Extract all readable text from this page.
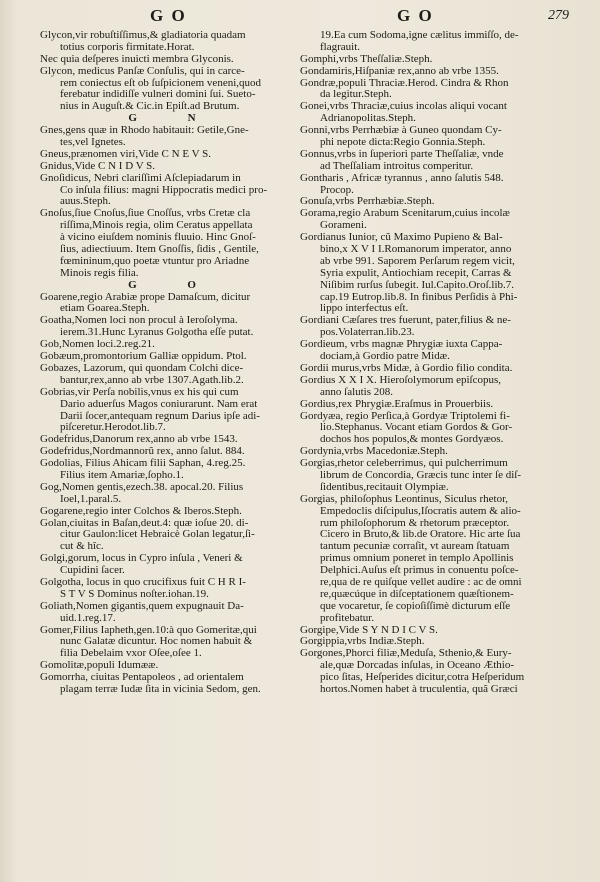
G O	G O	279
Glycon,vir robuſtiſſimus,& gladiatoria quadam
totius corporis firmitate.Horat.
Nec quia deſperes inuicti membra Glyconis.
Glycon, medicus Panſæ Conſulis, qui in carce-
rem coniectus eſt ob ſuſpicionem veneni,quod
ferebatur indidiſſe vulneri domini ſui. Sueto-
nius in Auguſt.& Cic.in Epiſt.ad Brutum.
G N
Gnes,gens quæ in Rhodo habitauit: Getile,Gne-
tes,vel Ignetes.
Gneus,prænomen viri,Vide C N E V S.
Gnidus,Vide C N I D V S.
Gnoſidicus, Nebri clariſſimi Aſclepiadarum in
Co inſula filius: magni Hippocratis medici pro-
auus.Steph.
Gnoſus,ſiue Cnoſus,ſiue Cnoſſus, vrbs Cretæ cla
riſſima,Minois regia, olim Ceratus appellata
à vicino eiuſdem nominis fluuio. Hinc Gnoſ-
ſius, adiectiuum. Item Gnoſſis, ſidis , Gentile,
fœmininum,quo poetæ vtuntur pro Ariadne
Minois regis filia.
G O
Goarene,regio Arabiæ prope Damaſcum, dicitur
etiam Goarea.Steph.
Goatha,Nomen loci non procul à Ieroſolyma.
ierem.31.Hunc Lyranus Golgotha eſſe putat.
Gob,Nomen loci.2.reg.21.
Gobæum,promontorium Galliæ oppidum. Ptol.
Gobazes, Lazorum, qui quondam Colchi dice-
bantur,rex,anno ab vrbe 1307.Agath.lib.2.
Gobrias,vir Perſa nobilis,vnus ex his qui cum
Dario aduerſus Magos coniurarunt. Nam erat
Darii ſocer,antequam regnum Darius ipſe adi-
piſceretur.Herodot.lib.7.
Godefridus,Danorum rex,anno ab vrbe 1543.
Godefridus,Nordmannorũ rex, anno ſalut. 884.
Godolias, Filius Ahicam filii Saphan, 4.reg.25.
Filius item Amariæ,ſopho.1.
Gog,Nomen gentis,ezech.38. apocal.20. Filius
Ioel,1.paral.5.
Gogarene,regio inter Colchos & Iberos.Steph.
Golan,ciuitas in Baſan,deut.4: quæ ioſue 20. di-
citur Gaulon:licet Hebraicè Golan legatur,ſi-
cut & hîc.
Golgi,gorum, locus in Cypro inſula , Veneri &
Cupidini ſacer.
Golgotha, locus in quo crucifixus fuit C H R I-
S T V S Dominus noſter.iohan.19.
Goliath,Nomen gigantis,quem expugnauit Da-
uid.1.reg.17.
Gomer,Filius Iapheth,gen.10:à quo Gomeritæ,qui
nunc Galatæ dicuntur. Hoc nomen habuit &
filia Debelaim vxor Oſee,oſee 1.
Gomolitæ,populi Idumææ.
Gomorrha, ciuitas Pentapoleos , ad orientalem
plagam terræ Iudæ ſita in vicinia Sedom, gen.
19.Ea cum Sodoma,igne cælitus immiſſo, de-
flagrauit.
Gomphi,vrbs Theſſaliæ.Steph.
Gondamiris,Hiſpaniæ rex,anno ab vrbe 1355.
Gondræ,populi Thraciæ.Herod. Cindra & Rhon
da legitur.Steph.
Gonei,vrbs Thraciæ,cuius incolas aliqui vocant
Adrianopolitas.Steph.
Gonni,vrbs Perrhæbiæ à Guneo quondam Cy-
phi nepote dicta:Regio Gonnia.Steph.
Gonnus,vrbs in ſuperiori parte Theſſaliæ, vnde
ad Theſſaliam introitus comperitur.
Gontharis , Africæ tyrannus , anno ſalutis 548.
Procop.
Gonuſa,vrbs Perrhæbiæ.Steph.
Gorama,regio Arabum Scenitarum,cuius incolæ
Gorameni.
Gordianus Iunior, cũ Maximo Pupieno & Bal-
bino,x X V I I.Romanorum imperator, anno
ab vrbe 991. Saporem Perſarum regem vicit,
Syria expulit, Antiochiam recepit, Carras &
Niſibim rurſus ſubegit. Iul.Capito.Oroſ.lib.7.
cap.19 Eutrop.lib.8. In finibus Perſidis à Phi-
lippo interfectus eſt.
Gordiani Cæſares tres fuerunt, pater,filius & ne-
pos.Volaterran.lib.23.
Gordieum, vrbs magnæ Phrygiæ iuxta Cappa-
dociam,à Gordio patre Midæ.
Gordii murus,vrbs Midæ, à Gordio filio condita.
Gordius X X I X. Hieroſolymorum epiſcopus,
anno ſalutis 208.
Gordius,rex Phrygiæ.Eraſmus in Prouerbiis.
Gordyæa, regio Perſica,à Gordyæ Triptolemi fi-
lio.Stephanus. Vocant etiam Gordos & Gor-
dochos hos populos,& montes Gordyæos.
Gordynia,vrbs Macedoniæ.Steph.
Gorgias,rhetor celeberrimus, qui pulcherrimum
librum de Concordia, Græcis tunc inter ſe diſ-
ſidentibus,recitauit Olympiæ.
Gorgias, philoſophus Leontinus, Siculus rhetor,
Empedoclis diſcipulus,Iſocratis autem & alio-
rum philoſophorum & rhetorum præceptor.
Cicero in Bruto,& lib.de Oratore. Hic arte ſua
tantum pecuniæ corraſit, vt auream ſtatuam
primus omnium poneret in templo Apollinis
Delphici.Auſus eſt primus in conuentu poſce-
re,qua de re quiſque vellet audire : ac de omni
re,quæcúque in diſceptationem quæſtionem-
que vocaretur, ſe copioſiſſimè dicturum eſſe
profitebatur.
Gorgipe,Vide S Y N D I C V S.
Gorgippia,vrbs Indiæ.Steph.
Gorgones,Phorci filiæ,Meduſa, Sthenio,& Eury-
ale,quæ Dorcadas inſulas, in Oceano Æthio-
pico ſitas, Heſperides dicitur,cotra Heſperidum
hortos.Nomen habet à truculentia, quã Græci
